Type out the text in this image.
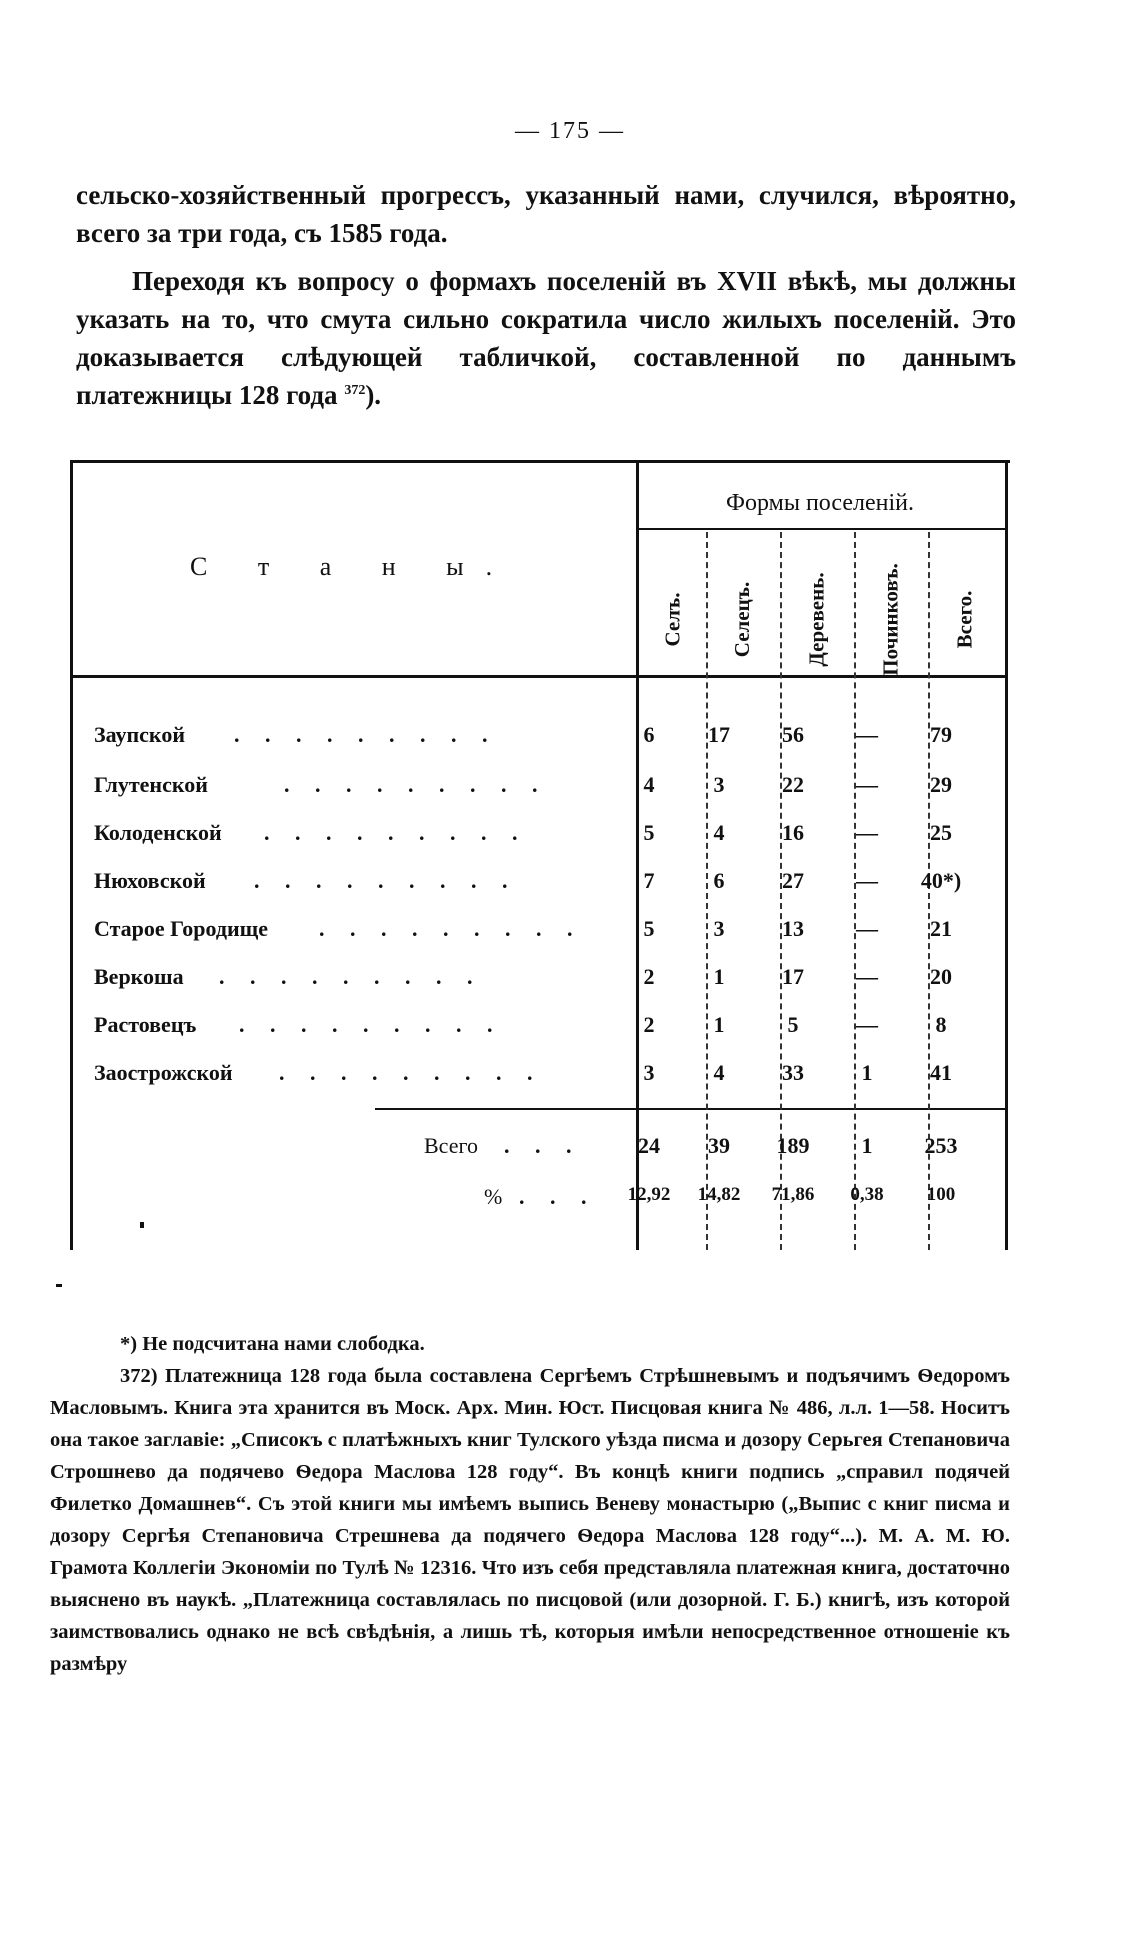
— 175 —

сельско-хозяйственный прогрессъ, указанный нами, случился, вѣроятно, всего за три года, съ 1585 года.

Переходя къ вопросу о формахъ поселеній въ XVII вѣкѣ, мы должны указать на то, что смута сильно сократила число жилыхъ поселеній. Это доказывается слѣдующей табличкой, составленной по даннымъ платежницы 128 года $^{372}$).

С т а н ы.
Формы поселеній.
Селъ. Селецъ. Деревень. Починковъ. Всего.
Заупской . . . . . . . . .	6	17	56	—	79
Глутенской	. . . . . . . . .	4	3	22	—	29
Колоденской . . . . . . . . .	5	4	16	—	25
Нюховской . . . . . . . . .	7	6	27	—	40*)
Старое Городище . . . . . . . . .	5	3	13	—	21
Веркоша . . . . . . . . .	2	1	17	—	20
Растовецъ . . . . . . . . .	2	1	5	—	8
Заострожской . . . . . . . . .	3	4	33	1	41
Всего . . .	24	39	189	1	253
% . . .	12,92	14,82	71,86	0,38	100

*) Не подсчитана нами слободка.

372) Платежница 128 года была составлена Сергѣемъ Стрѣшневымъ и подъячимъ Ѳедоромъ Масловымъ. Книга эта хранится въ Моск. Арх. Мин. Юст. Писцовая книга № 486, л.л. 1—58. Носитъ она такое заглавіе: „Списокъ с платѣжныхъ книг Тулского уѣзда писма и дозору Серьгея Степановича Строшнево да подячево Ѳедора Маслова 128 году“. Въ концѣ книги подпись „справил подячей Филетко Домашнев“. Съ этой книги мы имѣемъ выпись Веневу монастырю („Выпис с книг писма и дозору Сергѣя Степановича Стрешнева да подячего Ѳедора Маслова 128 году“...). М. А. М. Ю. Грамота Коллегіи Экономіи по Тулѣ № 12316. Что изъ себя представляла платежная книга, достаточно выяснено въ наукѣ. „Платежница составлялась по писцовой (или дозорной. Г. Б.) книгѣ, изъ которой заимствовались однако не всѣ свѣдѣнія, а лишь тѣ, которыя имѣли непосредственное отношеніе къ размѣру
